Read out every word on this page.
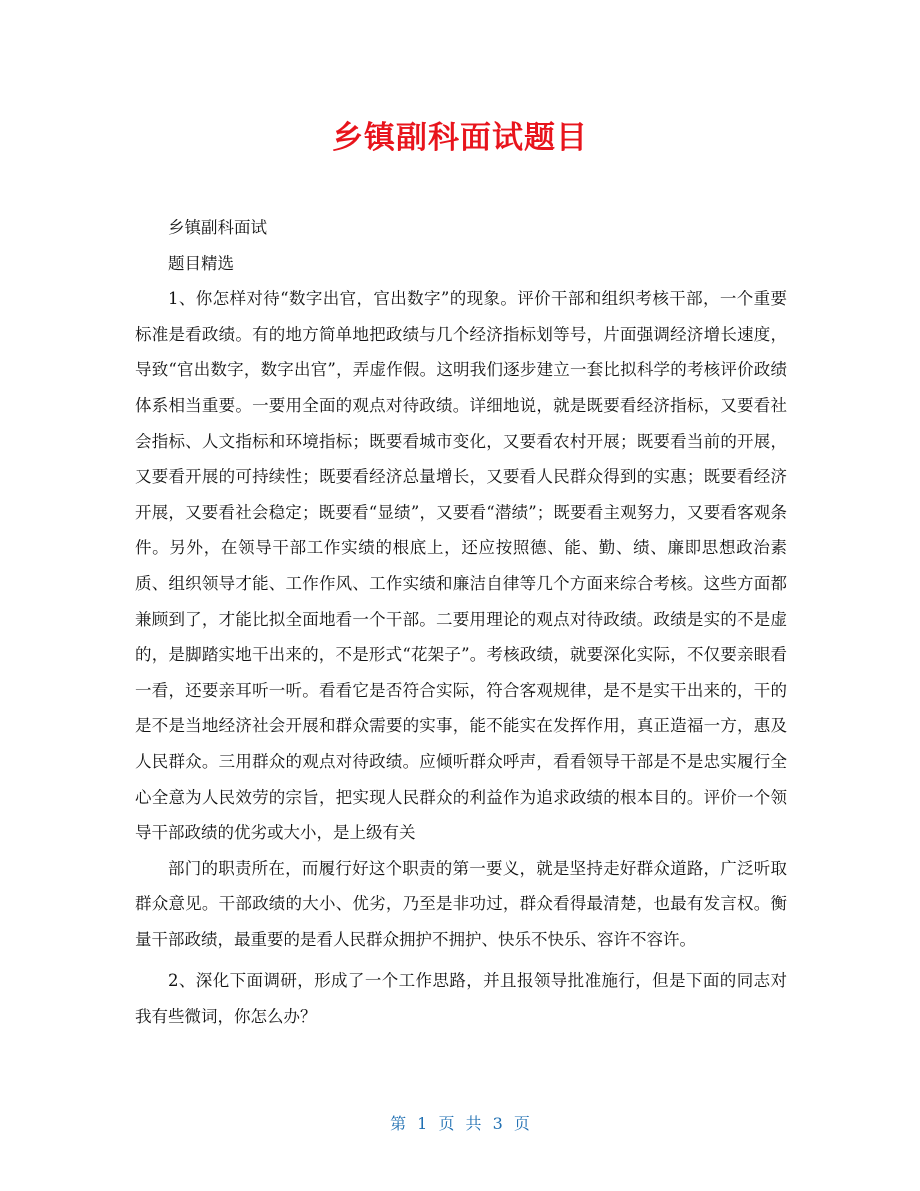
乡镇副科面试题目

乡镇副科面试

题目精选

1、你怎样对待“数字出官，官出数字”的现象。评价干部和组织考核干部，一个重要标准是看政绩。有的地方简单地把政绩与几个经济指标划等号，片面强调经济增长速度，导致“官出数字，数字出官”，弄虚作假。这明我们逐步建立一套比拟科学的考核评价政绩体系相当重要。一要用全面的观点对待政绩。详细地说，就是既要看经济指标，又要看社会指标、人文指标和环境指标；既要看城市变化，又要看农村开展；既要看当前的开展，又要看开展的可持续性；既要看经济总量增长，又要看人民群众得到的实惠；既要看经济开展，又要看社会稳定；既要看“显绩”，又要看“潜绩”；既要看主观努力，又要看客观条件。另外，在领导干部工作实绩的根底上，还应按照德、能、勤、绩、廉即思想政治素质、组织领导才能、工作作风、工作实绩和廉洁自律等几个方面来综合考核。这些方面都兼顾到了，才能比拟全面地看一个干部。二要用理论的观点对待政绩。政绩是实的不是虚的，是脚踏实地干出来的，不是形式“花架子”。考核政绩，就要深化实际，不仅要亲眼看一看，还要亲耳听一听。看看它是否符合实际，符合客观规律，是不是实干出来的，干的是不是当地经济社会开展和群众需要的实事，能不能实在发挥作用，真正造福一方，惠及人民群众。三用群众的观点对待政绩。应倾听群众呼声，看看领导干部是不是忠实履行全心全意为人民效劳的宗旨，把实现人民群众的利益作为追求政绩的根本目的。评价一个领导干部政绩的优劣或大小，是上级有关

部门的职责所在，而履行好这个职责的第一要义，就是坚持走好群众道路，广泛听取群众意见。干部政绩的大小、优劣，乃至是非功过，群众看得最清楚，也最有发言权。衡量干部政绩，最重要的是看人民群众拥护不拥护、快乐不快乐、容许不容许。

2、深化下面调研，形成了一个工作思路，并且报领导批准施行，但是下面的同志对我有些微词，你怎么办？

第 1 页 共 3 页
